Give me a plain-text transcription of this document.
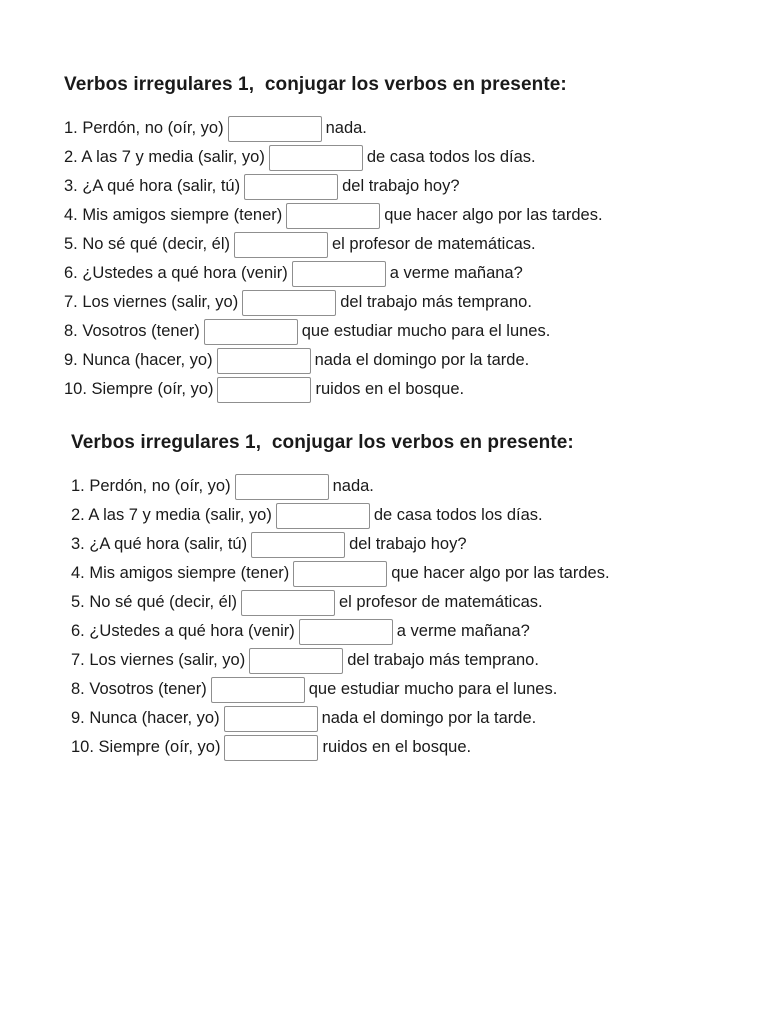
Verbos irregulares 1,  conjugar los verbos en presente:
1. Perdón, no (oír, yo)	nada.
2. A las 7 y media (salir, yo)	de casa todos los días.
3. ¿A qué hora (salir, tú)	del trabajo hoy?
4. Mis amigos siempre (tener)	que hacer algo por las tardes.
5. No sé qué (decir, él)	el profesor de matemáticas.
6. ¿Ustedes a qué hora (venir)	a verme mañana?
7. Los viernes (salir, yo)	del trabajo más temprano.
8. Vosotros (tener)	que estudiar mucho para el lunes.
9. Nunca (hacer, yo)	nada el domingo por la tarde.
10. Siempre (oír, yo)	ruidos en el bosque.
Verbos irregulares 1,  conjugar los verbos en presente:
1. Perdón, no (oír, yo)	nada.
2. A las 7 y media (salir, yo)	de casa todos los días.
3. ¿A qué hora (salir, tú)	del trabajo hoy?
4. Mis amigos siempre (tener)	que hacer algo por las tardes.
5. No sé qué (decir, él)	el profesor de matemáticas.
6. ¿Ustedes a qué hora (venir)	a verme mañana?
7. Los viernes (salir, yo)	del trabajo más temprano.
8. Vosotros (tener)	que estudiar mucho para el lunes.
9. Nunca (hacer, yo)	nada el domingo por la tarde.
10. Siempre (oír, yo)	ruidos en el bosque.
